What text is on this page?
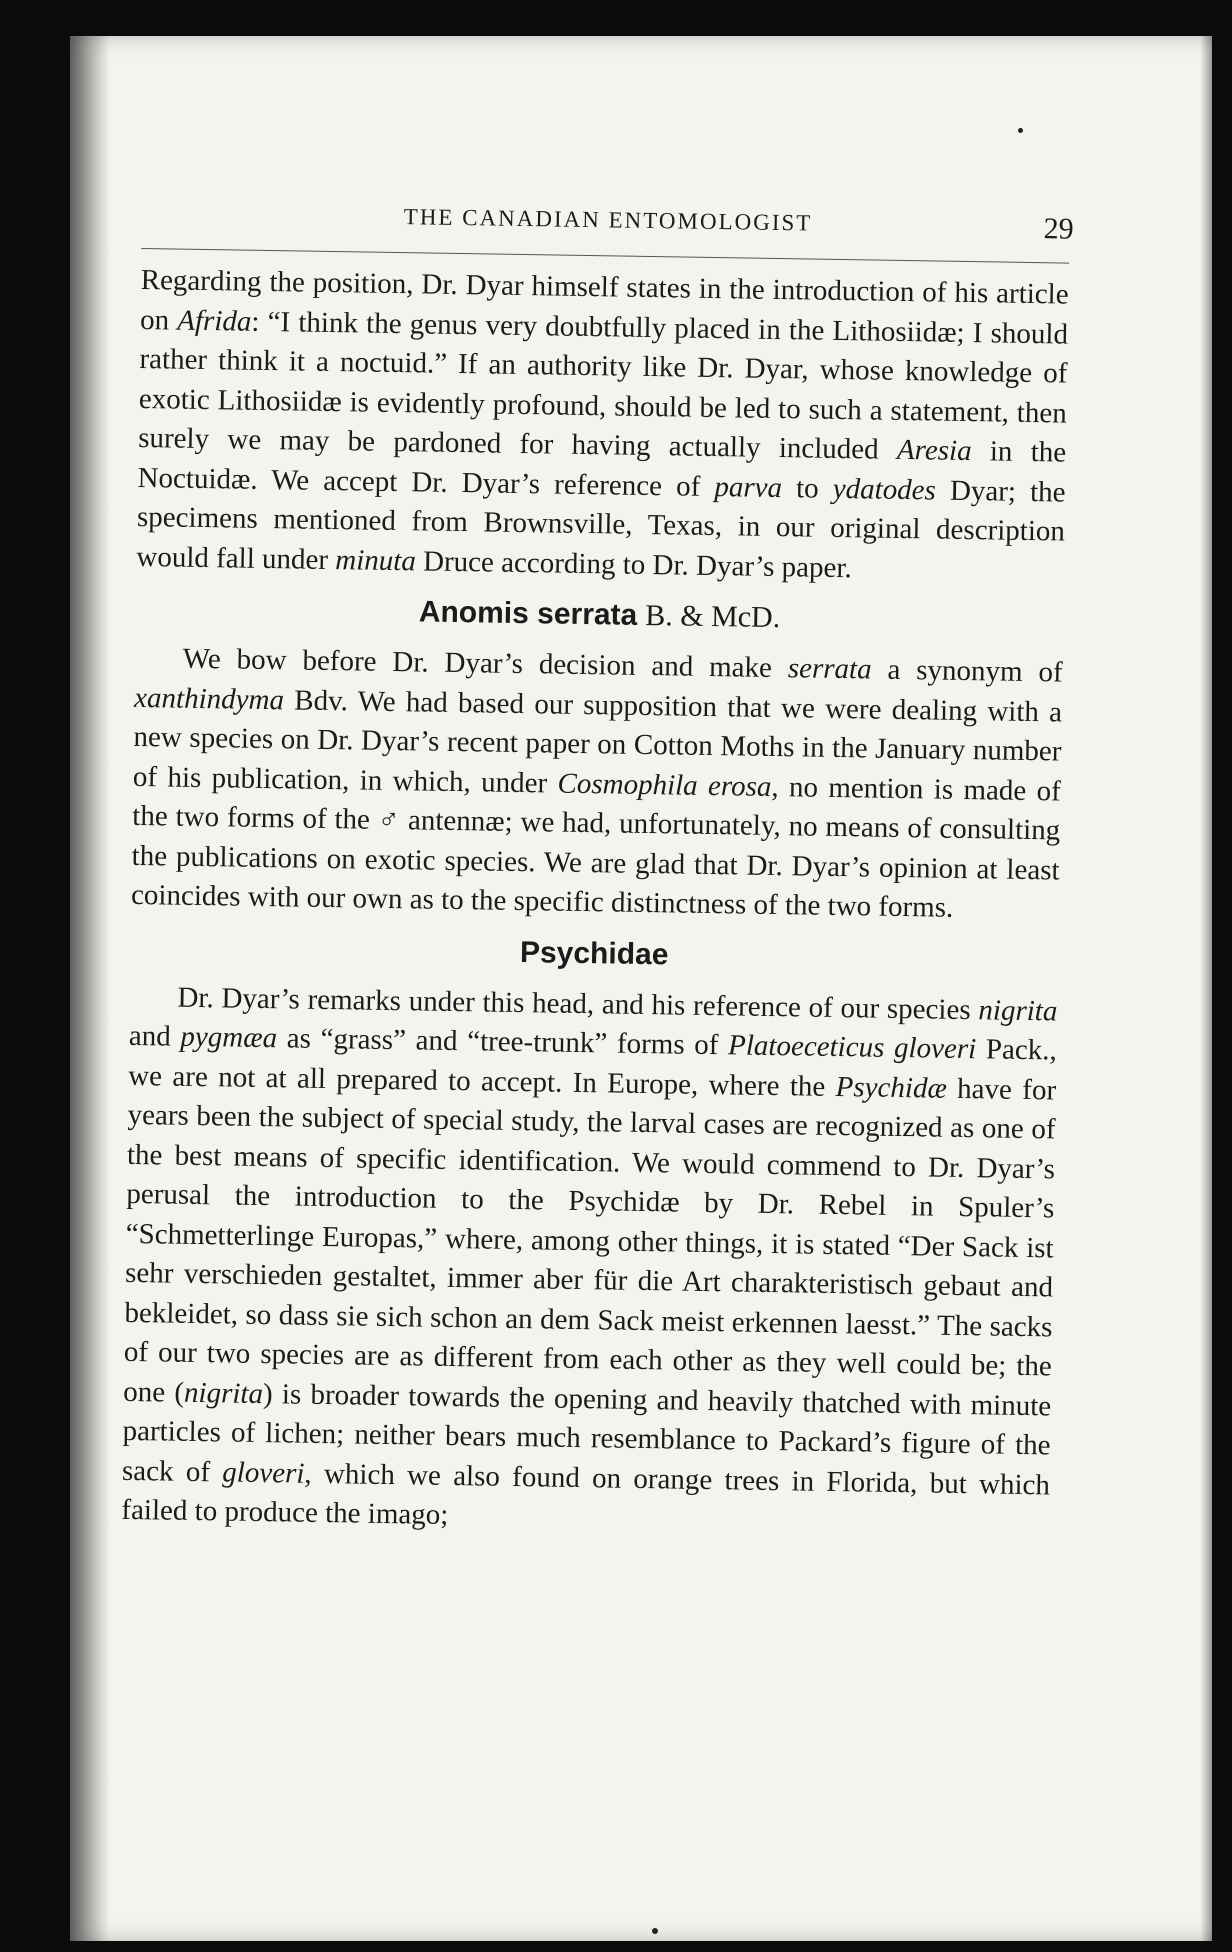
THE CANADIAN ENTOMOLOGIST	29

Regarding the position, Dr. Dyar himself states in the introduction of his article on Afrida: “I think the genus very doubtfully placed in the Lithosiidæ; I should rather think it a noctuid.” If an authority like Dr. Dyar, whose knowledge of exotic Lithosiidæ is evidently profound, should be led to such a statement, then surely we may be pardoned for having actually included Aresia in the Noctuidæ. We accept Dr. Dyar’s reference of parva to ydatodes Dyar; the specimens mentioned from Brownsville, Texas, in our original description would fall under minuta Druce according to Dr. Dyar’s paper.

Anomis serrata B. & McD.

We bow before Dr. Dyar’s decision and make serrata a synonym of xanthindyma Bdv. We had based our supposition that we were dealing with a new species on Dr. Dyar’s recent paper on Cotton Moths in the January number of his publication, in which, under Cosmophila erosa, no mention is made of the two forms of the ♂ antennæ; we had, unfortunately, no means of consulting the publications on exotic species. We are glad that Dr. Dyar’s opinion at least coincides with our own as to the specific distinctness of the two forms.

Psychidae

Dr. Dyar’s remarks under this head, and his reference of our species nigrita and pygmæa as “grass” and “tree-trunk” forms of Platoeceticus gloveri Pack., we are not at all prepared to accept. In Europe, where the Psychidæ have for years been the subject of special study, the larval cases are recognized as one of the best means of specific identification. We would commend to Dr. Dyar’s perusal the introduction to the Psychidæ by Dr. Rebel in Spuler’s “Schmetterlinge Europas,” where, among other things, it is stated “Der Sack ist sehr verschieden gestaltet, immer aber für die Art charakteristisch gebaut and bekleidet, so dass sie sich schon an dem Sack meist erkennen laesst.” The sacks of our two species are as different from each other as they well could be; the one (nigrita) is broader towards the opening and heavily thatched with minute particles of lichen; neither bears much resemblance to Packard’s figure of the sack of gloveri, which we also found on orange trees in Florida, but which failed to produce the imago;
